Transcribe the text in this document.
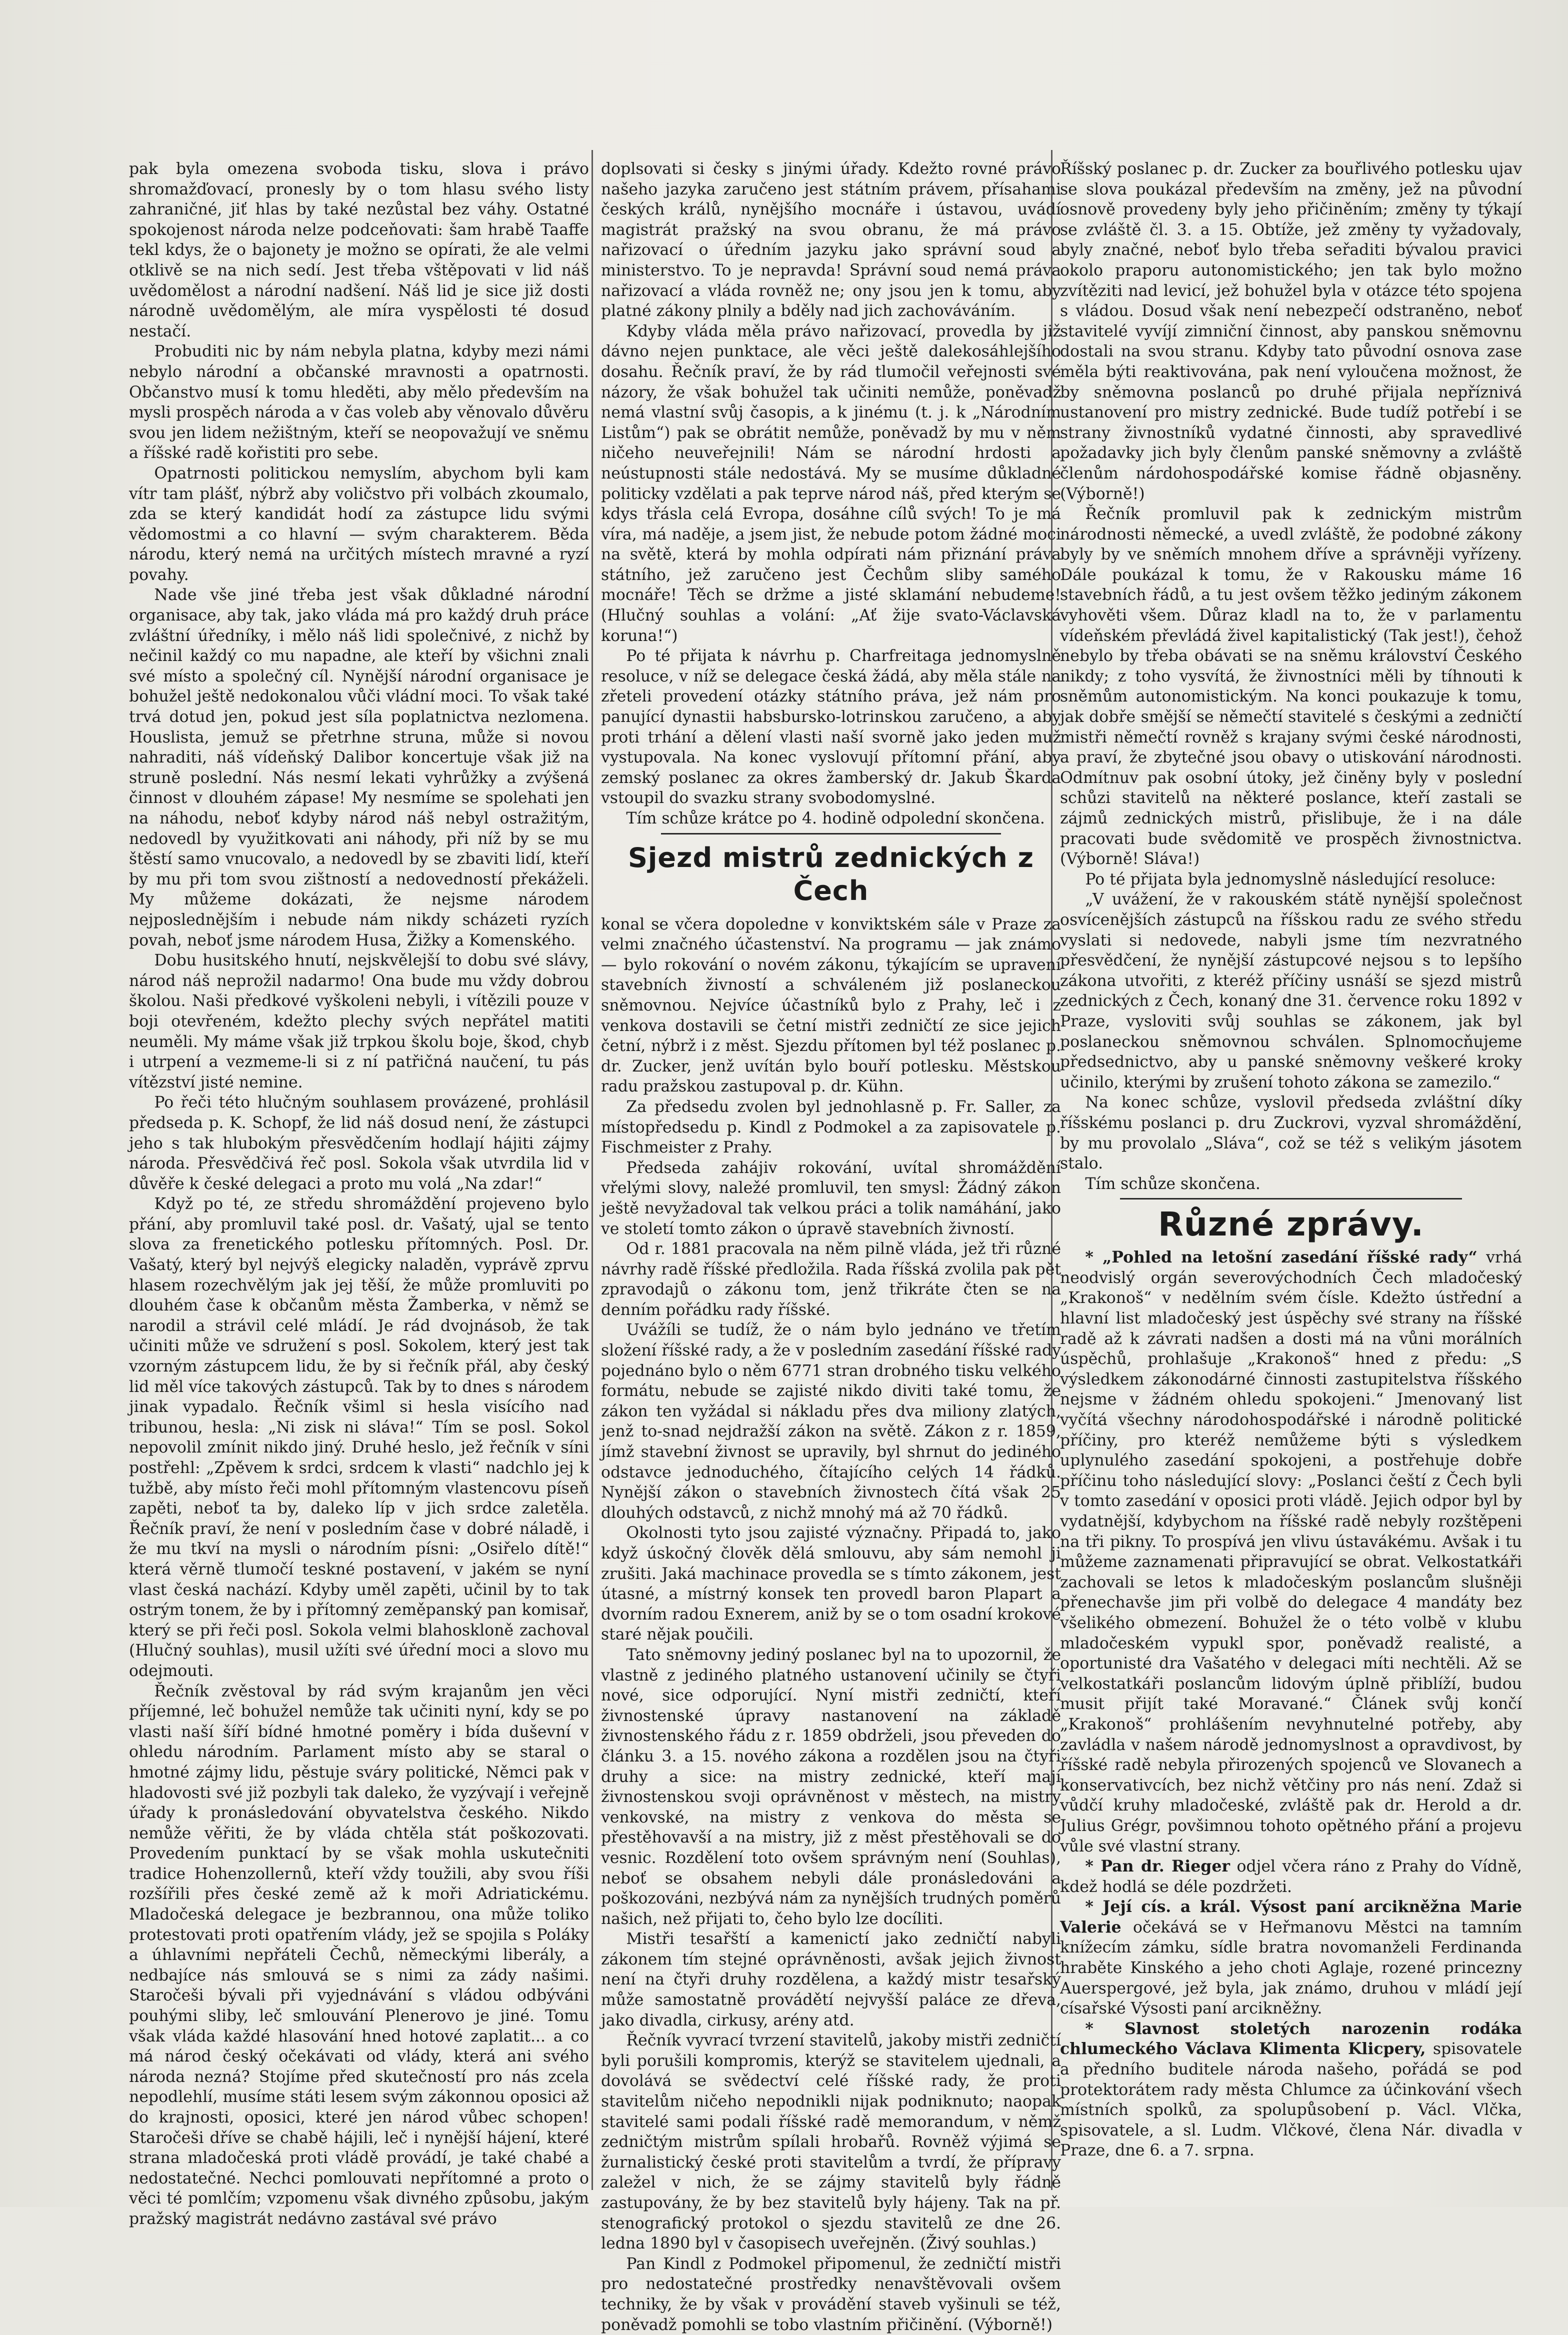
pak byla omezena svoboda tisku, slova i právo shromažďovací, pronesly by o tom hlasu svého listy zahraničné, jiť hlas by také nezůstal bez váhy. Ostatné spokojenost národa nelze podceňovati: šam hrabě Taaffe tekl kdys, že o bajonety je možno se opírati, že ale velmi otklivě se na nich sedí. Jest třeba vštěpovati v lid náš uvědomělost a národní nadšení. Náš lid je sice již dosti národně uvědomělým, ale míra vyspělosti té dosud nestačí.

Probuditi nic by nám nebyla platna, kdyby mezi námi nebylo národní a občanské mravnosti a opatrnosti. Občanstvo musí k tomu hleděti, aby mělo především na mysli prospěch národa a v čas voleb aby věnovalo důvěru svou jen lidem nežištným, kteří se neopovažují ve sněmu a říšské radě kořistiti pro sebe.

Opatrnosti politickou nemyslím, abychom byli kam vítr tam plášť, nýbrž aby voličstvo při volbách zkoumalo, zda se který kandidát hodí za zástupce lidu svými vědomostmi a co hlavní — svým charakterem. Běda národu, který nemá na určitých místech mravné a ryzí povahy.

Nade vše jiné třeba jest však důkladné národní organisace, aby tak, jako vláda má pro každý druh práce zvláštní úředníky, i mělo náš lidi společnivé, z nichž by nečinil každý co mu napadne, ale kteří by všichni znali své místo a společný cíl. Nynější národní organisace je bohužel ještě nedokonalou vůči vládní moci. To však také trvá dotud jen, pokud jest síla poplatnictva nezlomena. Houslista, jemuž se přetrhne struna, může si novou nahraditi, náš vídeňský Dalibor koncertuje však již na struně poslední. Nás nesmí lekati vyhrůžky a zvýšená činnost v dlouhém zápase! My nesmíme se spolehati jen na náhodu, neboť kdyby národ náš nebyl ostražitým, nedovedl by využitkovati ani náhody, při níž by se mu štěstí samo vnucovalo, a nedovedl by se zbaviti lidí, kteří by mu při tom svou zištností a nedovedností překáželi. My můžeme dokázati, že nejsme národem nejposlednějším i nebude nám nikdy scházeti ryzích povah, neboť jsme národem Husa, Žižky a Komenského.

Dobu husitského hnutí, nejskvělejší to dobu své slávy, národ náš neprožil nadarmo! Ona bude mu vždy dobrou školou. Naši předkové vyškoleni nebyli, i vítězili pouze v boji otevřeném, kdežto plechy svých nepřátel matiti neuměli. My máme však již trpkou školu boje, škod, chyb i utrpení a vezmeme-li si z ní patřičná naučení, tu pás vítězství jisté nemine.

Po řeči této hlučným souhlasem provázené, prohlásil předseda p. K. Schopf, že lid náš dosud není, že zástupci jeho s tak hlubokým přesvědčením hodlají hájiti zájmy národa. Přesvědčivá řeč posl. Sokola však utvrdila lid v důvěře k české delegaci a proto mu volá „Na zdar!“

Když po té, ze středu shromáždění projeveno bylo přání, aby promluvil také posl. dr. Vašatý, ujal se tento slova za frenetického potlesku přítomných. Posl. Dr. Vašatý, který byl nejvýš elegicky naladěn, vyprávě zprvu hlasem rozechvělým jak jej těší, že může promluviti po dlouhém čase k občanům města Žamberka, v němž se narodil a strávil celé mládí. Je rád dvojnásob, že tak učiniti může ve sdružení s posl. Sokolem, který jest tak vzorným zástupcem lidu, že by si řečník přál, aby český lid měl více takových zástupců. Tak by to dnes s národem jinak vypadalo. Řečník všiml si hesla visícího nad tribunou, hesla: „Ni zisk ni sláva!“ Tím se posl. Sokol nepovolil zmínit nikdo jiný. Druhé heslo, jež řečník v síni postřehl: „Zpěvem k srdci, srdcem k vlasti“ nadchlo jej k tužbě, aby místo řeči mohl přítomným vlastencovu píseň zapěti, neboť ta by, daleko líp v jich srdce zaletěla. Řečník praví, že není v posledním čase v dobré náladě, i že mu tkví na mysli o národním písni: „Osiřelo dítě!“ která věrně tlumočí teskné postavení, v jakém se nyní vlast česká nachází. Kdyby uměl zapěti, učinil by to tak ostrým tonem, že by i přítomný zeměpanský pan komisař, který se při řeči posl. Sokola velmi blahoskloně zachoval (Hlučný souhlas), musil užíti své úřední moci a slovo mu odejmouti.

Řečník zvěstoval by rád svým krajanům jen věci příjemné, leč bohužel nemůže tak učiniti nyní, kdy se po vlasti naší šíří bídné hmotné poměry i bída duševní v ohledu národním. Parlament místo aby se staral o hmotné zájmy lidu, pěstuje sváry politické, Němci pak v hladovosti své již pozbyli tak daleko, že vyzývají i veřejně úřady k pronásledování obyvatelstva českého. Nikdo nemůže věřiti, že by vláda chtěla stát poškozovati. Provedením punktací by se však mohla uskutečniti tradice Hohenzollernů, kteří vždy toužili, aby svou říši rozšířili přes české země až k moři Adriatickému. Mladočeská delegace je bezbrannou, ona může toliko protestovati proti opatřením vlády, jež se spojila s Poláky a úhlavními nepřáteli Čechů, německými liberály, a nedbajíce nás smlouvá se s nimi za zády našimi. Staročeši bývali při vyjednávání s vládou odbýváni pouhými sliby, leč smlouvání Plenerovo je jiné. Tomu však vláda každé hlasování hned hotové zaplatit... a co má národ český očekávati od vlády, která ani svého národa nezná? Stojíme před skutečností pro nás zcela nepodlehlí, musíme státi lesem svým zákonnou oposici až do krajnosti, oposici, které jen národ vůbec schopen! Staročeši dříve se chabě hájili, leč i nynější hájení, které strana mladočeská proti vládě provádí, je také chabé a nedostatečné. Nechci pomlouvati nepřítomné a proto o věci té pomlčím; vzpomenu však divného způsobu, jakým pražský magistrát nedávno zastával své právo

doplsovati si česky s jinými úřady. Kdežto rovné právo našeho jazyka zaručeno jest státním právem, přísahami českých králů, nynějšího mocnáře i ústavou, uvádí magistrát pražský na svou obranu, že má právo nařizovací o úředním jazyku jako správní soud a ministerstvo. To je nepravda! Správní soud nemá práva nařizovací a vláda rovněž ne; ony jsou jen k tomu, aby platné zákony plnily a bděly nad jich zachováváním.

Kdyby vláda měla právo nařizovací, provedla by již dávno nejen punktace, ale věci ještě dalekosáhlejšího dosahu. Řečník praví, že by rád tlumočil veřejnosti své názory, že však bohužel tak učiniti nemůže, poněvadž nemá vlastní svůj časopis, a k jinému (t. j. k „Národním Listům“) pak se obrátit nemůže, poněvadž by mu v něm ničeho neuveřejnili! Nám se národní hrdosti a neústupnosti stále nedostává. My se musíme důkladné politicky vzdělati a pak teprve národ náš, před kterým se kdys třásla celá Evropa, dosáhne cílů svých! To je má víra, má naděje, a jsem jist, že nebude potom žádné moci na světě, která by mohla odpírati nám přiznání práva státního, jež zaručeno jest Čechům sliby samého mocnáře! Těch se držme a jisté sklamání nebudeme! (Hlučný souhlas a volání: „Ať žije svato-Václavská koruna!“)

Po té přijata k návrhu p. Charfreitaga jednomyslně resoluce, v níž se delegace česká žádá, aby měla stále na zřeteli provedení otázky státního práva, jež nám pro panující dynastii habsbursko-lotrinskou zaručeno, a aby proti trhání a dělení vlasti naší svorně jako jeden muž vystupovala. Na konec vyslovují přítomní přání, aby zemský poslanec za okres žamberský dr. Jakub Škarda vstoupil do svazku strany svobodomyslné.

Tím schůze krátce po 4. hodině odpolední skončena.

Sjezd mistrů zednických z Čech

konal se včera dopoledne v konviktském sále v Praze za velmi značného účastenství. Na programu — jak známo — bylo rokování o novém zákonu, týkajícím se upravení stavebních živností a schváleném již poslaneckou sněmovnou. Nejvíce účastníků bylo z Prahy, leč i z venkova dostavili se četní mistři zedničtí ze sice jejich četní, nýbrž i z měst. Sjezdu přítomen byl též poslanec p. dr. Zucker, jenž uvítán bylo bouří potlesku. Městskou radu pražskou zastupoval p. dr. Kühn.

Za předsedu zvolen byl jednohlasně p. Fr. Saller, za místopředsedu p. Kindl z Podmokel a za zapisovatele p. Fischmeister z Prahy.

Předseda zahájiv rokování, uvítal shromáždění vřelými slovy, naležé promluvil, ten smysl: Žádný zákon ještě nevyžadoval tak velkou práci a tolik namáhání, jako ve století tomto zákon o úpravě stavebních živností.

Od r. 1881 pracovala na něm pilně vláda, jež tři různé návrhy radě říšské předložila. Rada říšská zvolila pak pět zpravodajů o zákonu tom, jenž třikráte čten se na denním pořádku rady říšské.

Uvážíli se tudíž, že o nám bylo jednáno ve třetím složení říšské rady, a že v posledním zasedání říšské rady pojednáno bylo o něm 6771 stran drobného tisku velkého formátu, nebude se zajisté nikdo diviti také tomu, že zákon ten vyžádal si nákladu přes dva miliony zlatých, jenž to-snad nejdražší zákon na světě. Zákon z r. 1859, jímž stavební živnost se upravily, byl shrnut do jediného odstavce jednoduchého, čítajícího celých 14 řádků. Nynější zákon o stavebních živnostech čítá však 25 dlouhých odstavců, z nichž mnohý má až 70 řádků.

Okolnosti tyto jsou zajisté význačny. Připadá to, jako když úskočný člověk dělá smlouvu, aby sám nemohl ji zrušiti. Jaká machinace provedla se s tímto zákonem, jest útasné, a místrný konsek ten provedl baron Plapart a dvorním radou Exnerem, aniž by se o tom osadní krokové staré nějak poučili.

Tato sněmovny jediný poslanec byl na to upozornil, že vlastně z jediného platného ustanovení učinily se čtyři nové, sice odporující. Nyní mistři zedničtí, kteří živnostenské úpravy nastanovení na základě živnostenského řádu z r. 1859 obdrželi, jsou převeden do článku 3. a 15. nového zákona a rozdělen jsou na čtyři druhy a sice: na mistry zednické, kteří mají živnostenskou svoji oprávněnost v městech, na mistry venkovské, na mistry z venkova do města se přestěhovavší a na mistry, již z měst přestěhovali se do vesnic. Rozdělení toto ovšem správným není (Souhlas), neboť se obsahem nebyli dále pronásledováni a poškozováni, nezbývá nám za nynějších trudných poměrů našich, než přijati to, čeho bylo lze docíliti.

Mistři tesařští a kamenictí jako zedničtí nabyli zákonem tím stejné oprávněnosti, avšak jejich živnost není na čtyři druhy rozdělena, a každý mistr tesařský může samostatně provádětí nejvyšší paláce ze dřeva, jako divadla, cirkusy, arény atd.

Řečník vyvrací tvrzení stavitelů, jakoby mistři zedničtí byli porušili kompromis, kterýž se stavitelem ujednali, a dovolává se svědectví celé říšské rady, že proti stavitelům ničeho nepodnikli nijak podniknuto; naopak stavitelé sami podali říšské radě memorandum, v němž zedničtým mistrům spílali hrobařů. Rovněž výjimá se žurnalistický české proti stavitelům a tvrdí, že přípravy zaležel v nich, že se zájmy stavitelů byly řádně zastupovány, že by bez stavitelů byly hájeny. Tak na př. stenografický protokol o sjezdu stavitelů ze dne 26. ledna 1890 byl v časopisech uveřejněn. (Živý souhlas.)

Pan Kindl z Podmokel připomenul, že zedničtí mistři pro nedostatečné prostředky nenavštěvovali ovšem techniky, že by však v provádění staveb vyšinuli se též, poněvadž pomohli se tobo vlastním přičinění. (Výborně!)

Říšský poslanec p. dr. Zucker za bouřlivého potlesku ujav se slova poukázal především na změny, jež na původní osnově provedeny byly jeho přičiněním; změny ty týkají se zvláště čl. 3. a 15. Obtíže, jež změny ty vyžadovaly, byly značné, neboť bylo třeba seřaditi bývalou pravici okolo praporu autonomistického; jen tak bylo možno zvítěziti nad levicí, jež bohužel byla v otázce této spojena s vládou. Dosud však není nebezpečí odstraněno, neboť stavitelé vyvíjí zimniční činnost, aby panskou sněmovnu dostali na svou stranu. Kdyby tato původní osnova zase měla býti reaktivována, pak není vyloučena možnost, že by sněmovna poslanců po druhé přijala nepříznivá ustanovení pro mistry zednické. Bude tudíž potřebí i se strany živnostníků vydatné činnosti, aby spravedlivé požadavky jich byly členům panské sněmovny a zvláště členům nárdohospodářské komise řádně objasněny. (Výborně!)

Řečník promluvil pak k zednickým mistrům národnosti německé, a uvedl zvláště, že podobné zákony byly by ve sněmích mnohem dříve a správněji vyřízeny. Dále poukázal k tomu, že v Rakousku máme 16 stavebních řádů, a tu jest ovšem těžko jediným zákonem vyhověti všem. Důraz kladl na to, že v parlamentu vídeňském převládá živel kapitalistický (Tak jest!), čehož nebylo by třeba obávati se na sněmu království Českého nikdy; z toho vysvítá, že živnostníci měli by tíhnouti k sněmům autonomistickým. Na konci poukazuje k tomu, jak dobře smější se němečtí stavitelé s českými a zedničtí mistři němečtí rovněž s krajany svými české národnosti, a praví, že zbytečné jsou obavy o utiskování národnosti. Odmítnuv pak osobní útoky, jež činěny byly v poslední schůzi stavitelů na některé poslance, kteří zastali se zájmů zednických mistrů, přislibuje, že i na dále pracovati bude svědomitě ve prospěch živnostnictva. (Výborně! Sláva!)

Po té přijata byla jednomyslně následující resoluce:

„V uvážení, že v rakouském státě nynější společnost osvícenějších zástupců na říšskou radu ze svého středu vyslati si nedovede, nabyli jsme tím nezvratného přesvědčení, že nynější zástupcové nejsou s to lepšího zákona utvořiti, z kteréž příčiny usnáší se sjezd mistrů zednických z Čech, konaný dne 31. července roku 1892 v Praze, vysloviti svůj souhlas se zákonem, jak byl poslaneckou sněmovnou schválen. Splnomocňujeme předsednictvo, aby u panské sněmovny veškeré kroky učinilo, kterými by zrušení tohoto zákona se zamezilo.“

Na konec schůze, vyslovil předseda zvláštní díky říšskému poslanci p. dru Zuckrovi, vyzval shromáždění, by mu provolalo „Sláva“, což se též s velikým jásotem stalo.

Tím schůze skončena.

Různé zprávy.

* „Pohled na letošní zasedání říšské rady“ vrhá neodvislý orgán severovýchodních Čech mladočeský „Krakonoš“ v nedělním svém čísle. Kdežto ústřední a hlavní list mladočeský jest úspěchy své strany na říšské radě až k závrati nadšen a dosti má na vůni morálních úspěchů, prohlašuje „Krakonoš“ hned z předu: „S výsledkem zákonodárné činnosti zastupitelstva říšského nejsme v žádném ohledu spokojeni.“ Jmenovaný list vyčítá všechny národohospodářské i národně politické příčiny, pro kteréž nemůžeme býti s výsledkem uplynulého zasedání spokojeni, a postřehuje dobře příčinu toho následující slovy: „Poslanci čeští z Čech byli v tomto zasedání v oposici proti vládě. Jejich odpor byl by vydatnější, kdybychom na říšské radě nebyly rozštěpeni na tři pikny. To prospívá jen vlivu ústavákému. Avšak i tu můžeme zaznamenati připravující se obrat. Velkostatkáři zachovali se letos k mladočeským poslancům slušněji přenechavše jim při volbě do delegace 4 mandáty bez všelikého obmezení. Bohužel že o této volbě v klubu mladočeském vypukl spor, poněvadž realisté, a oportunisté dra Vašatého v delegaci míti nechtěli. Až se velkostatkáři poslancům lidovým úplně přiblíží, budou musit přijít také Moravané.“ Článek svůj končí „Krakonoš“ prohlášením nevyhnutelné potřeby, aby zavládla v našem národě jednomyslnost a opravdivost, by říšské radě nebyla přirozených spojenců ve Slovanech a konservativcích, bez nichž větčiny pro nás není. Zdaž si vůdčí kruhy mladočeské, zvláště pak dr. Herold a dr. Julius Grégr, povšimnou tohoto opětného přání a projevu vůle své vlastní strany.

* Pan dr. Rieger odjel včera ráno z Prahy do Vídně, kdež hodlá se déle pozdržeti.

* Její cís. a král. Výsost paní arcikněžna Marie Valerie očekává se v Heřmanovu Městci na tamním knížecím zámku, sídle bratra novomanželi Ferdinanda hraběte Kinského a jeho choti Aglaje, rozené princezny Auerspergové, jež byla, jak známo, druhou v mládí její císařské Výsosti paní arcikněžny.

* Slavnost stoletých narozenin rodáka chlumeckého Václava Klimenta Klicpery, spisovatele a předního buditele národa našeho, pořádá se pod protektorátem rady města Chlumce za účinkování všech místních spolků, za spolupůsobení p. Václ. Vlčka, spisovatele, a sl. Ludm. Vlčkové, člena Nár. divadla v Praze, dne 6. a 7. srpna.
